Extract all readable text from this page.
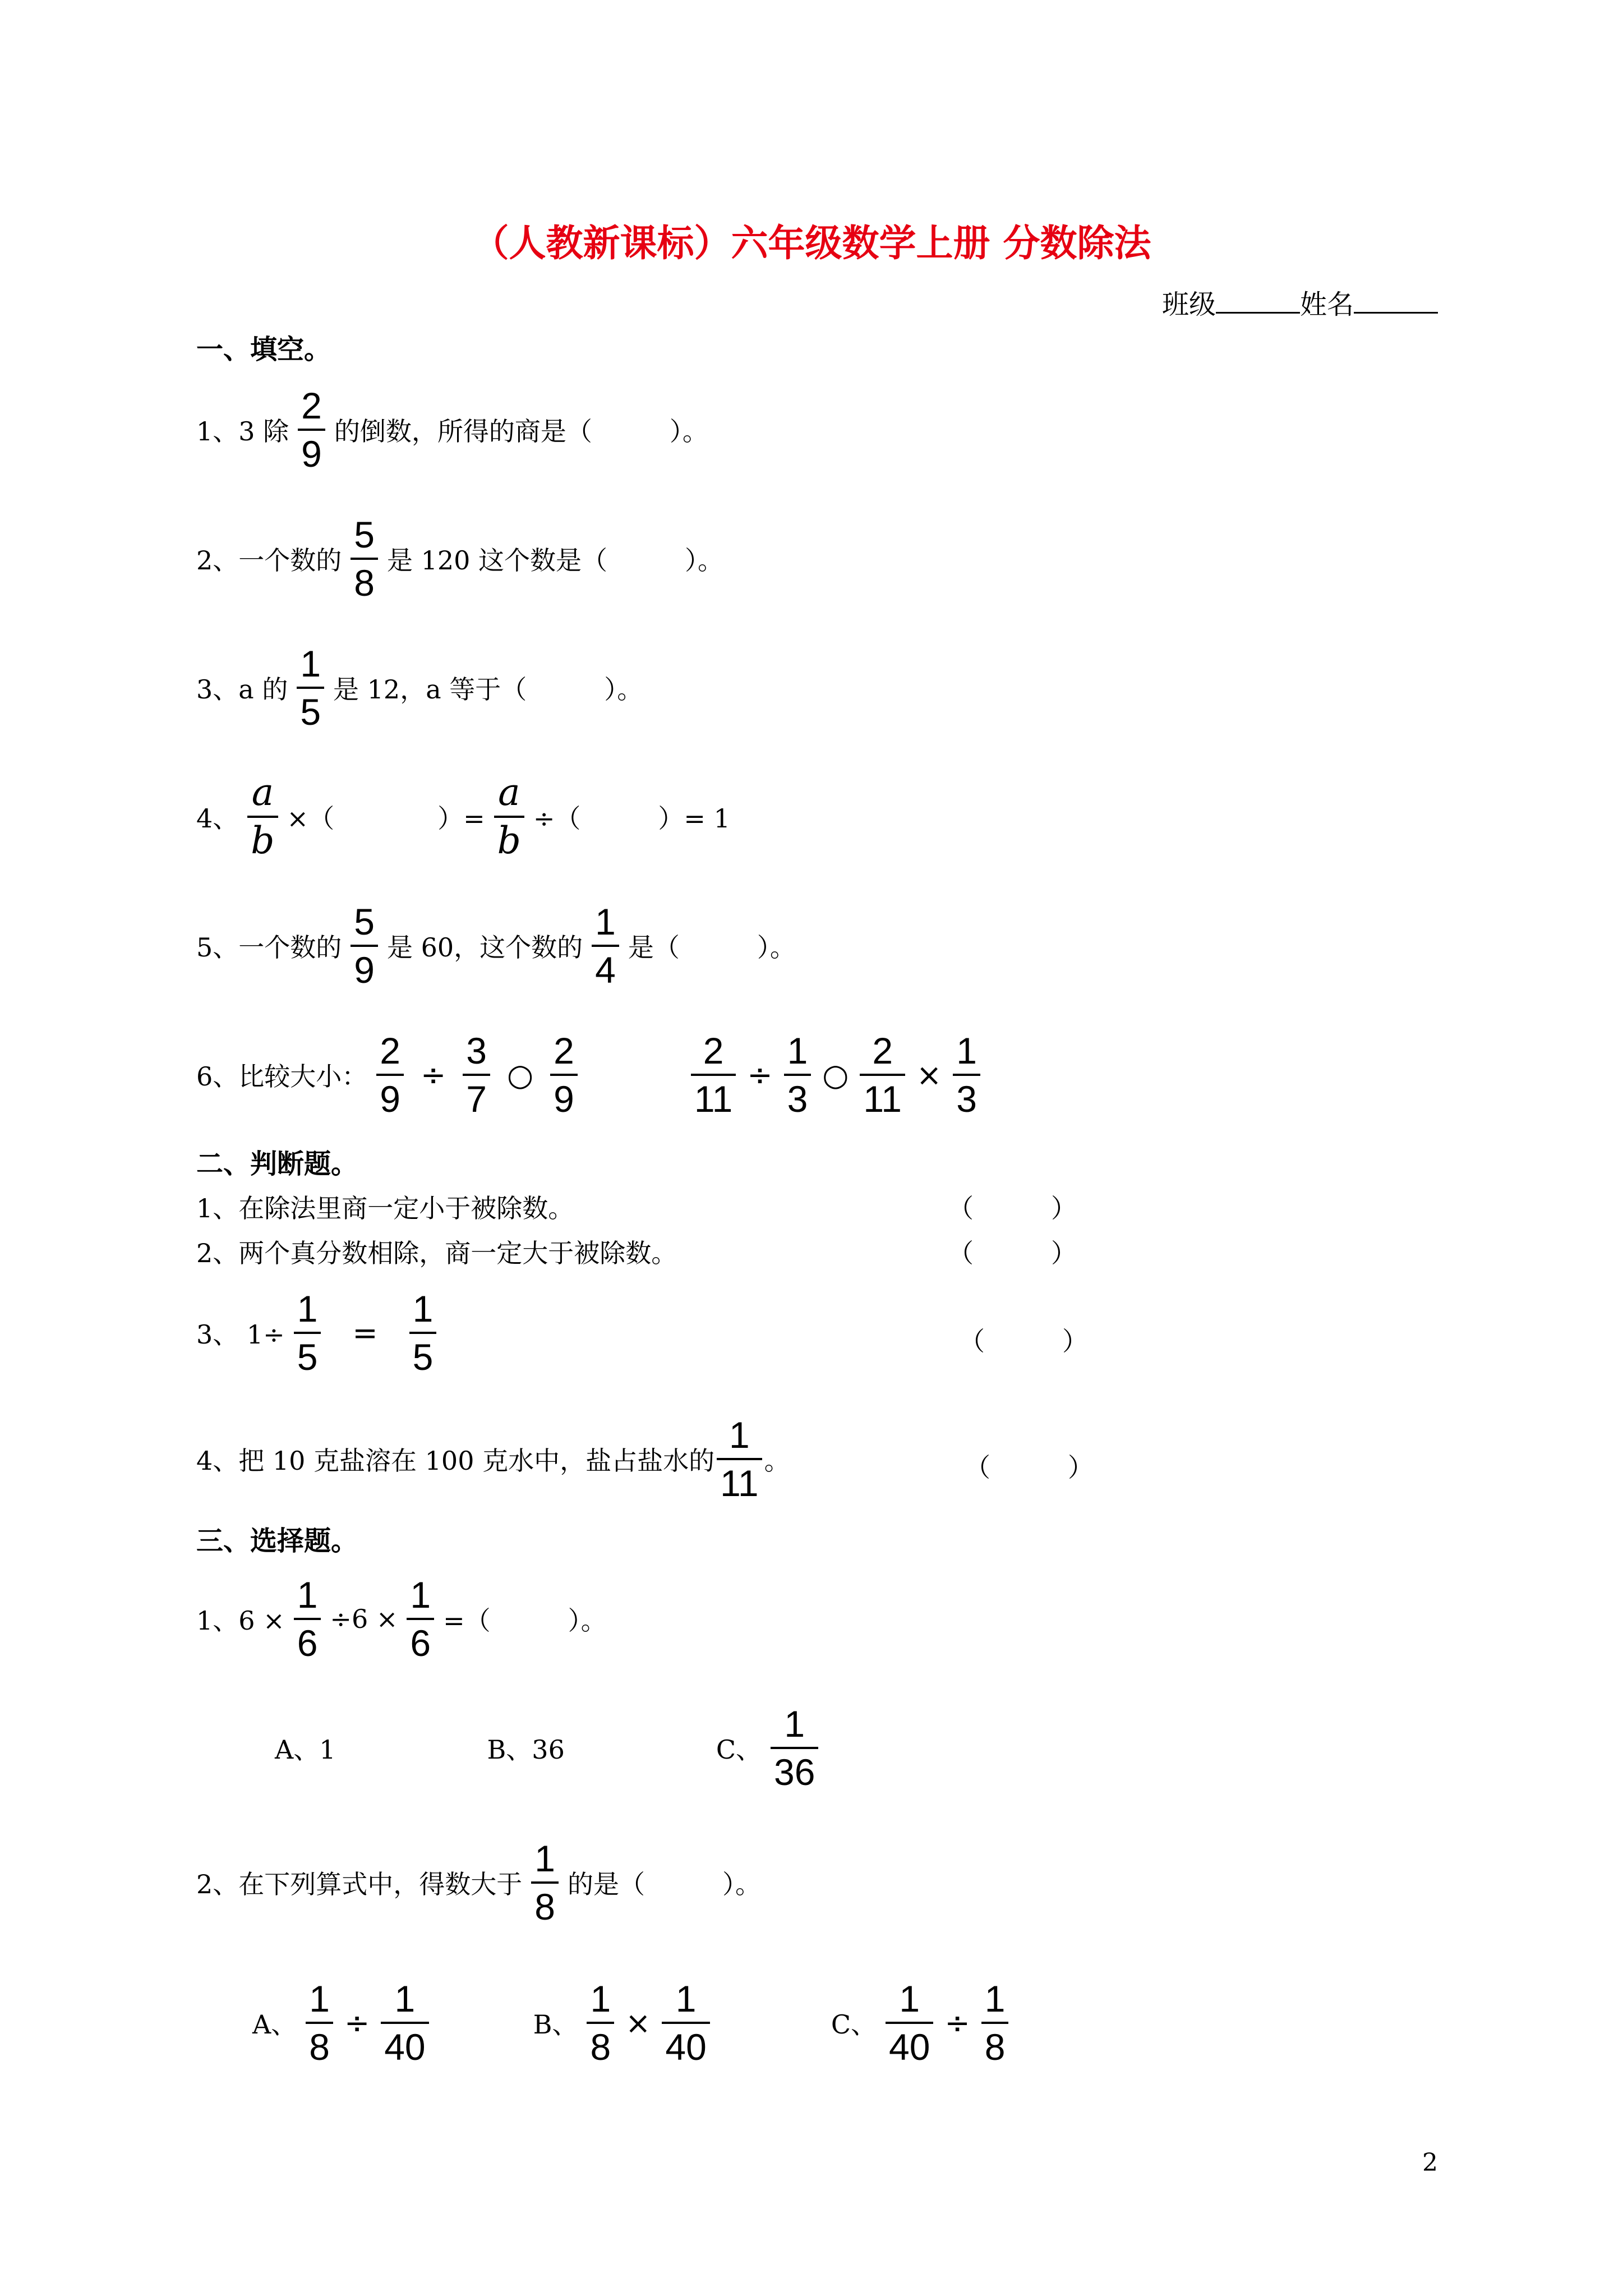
（人教新课标）六年级数学上册 分数除法
班级	姓名
一、填空。
1、3 除
2
9
的倒数，所得的商是（　　　）。
2、一个数的
5
8
是 120 这个数是（　　　）。
3、a 的
1
5
是 12，a 等于（　　　）。
4、
a
b
×（　　　　）=
a
b
÷（　　　）= 1
5、一个数的
5
9
是 60，这个数的
1
4
是（　　　）。
6、比较大小：
2
9
÷
3
7
○
2
9
2
11
÷
1
3
○
2
11
×
1
3
二、判断题。
1、在除法里商一定小于被除数。	（　　　）
2、两个真分数相除，商一定大于被除数。	（　　　）
3、 1÷
1
5
=
1
5	（　　　）
4、把 10 克盐溶在 100 克水中，盐占盐水的
1
11
。	（　　　）
三、选择题。
1、6 ×
1
6
÷6 ×
1
6
=（　　　）。
A、1	B、36	C、
1
36
2、在下列算式中，得数大于
1
8
的是（　　　）。
A、
1
8
÷
1
40
B、
1
8
×
1
40
C、
1
40
÷
1
8
2
